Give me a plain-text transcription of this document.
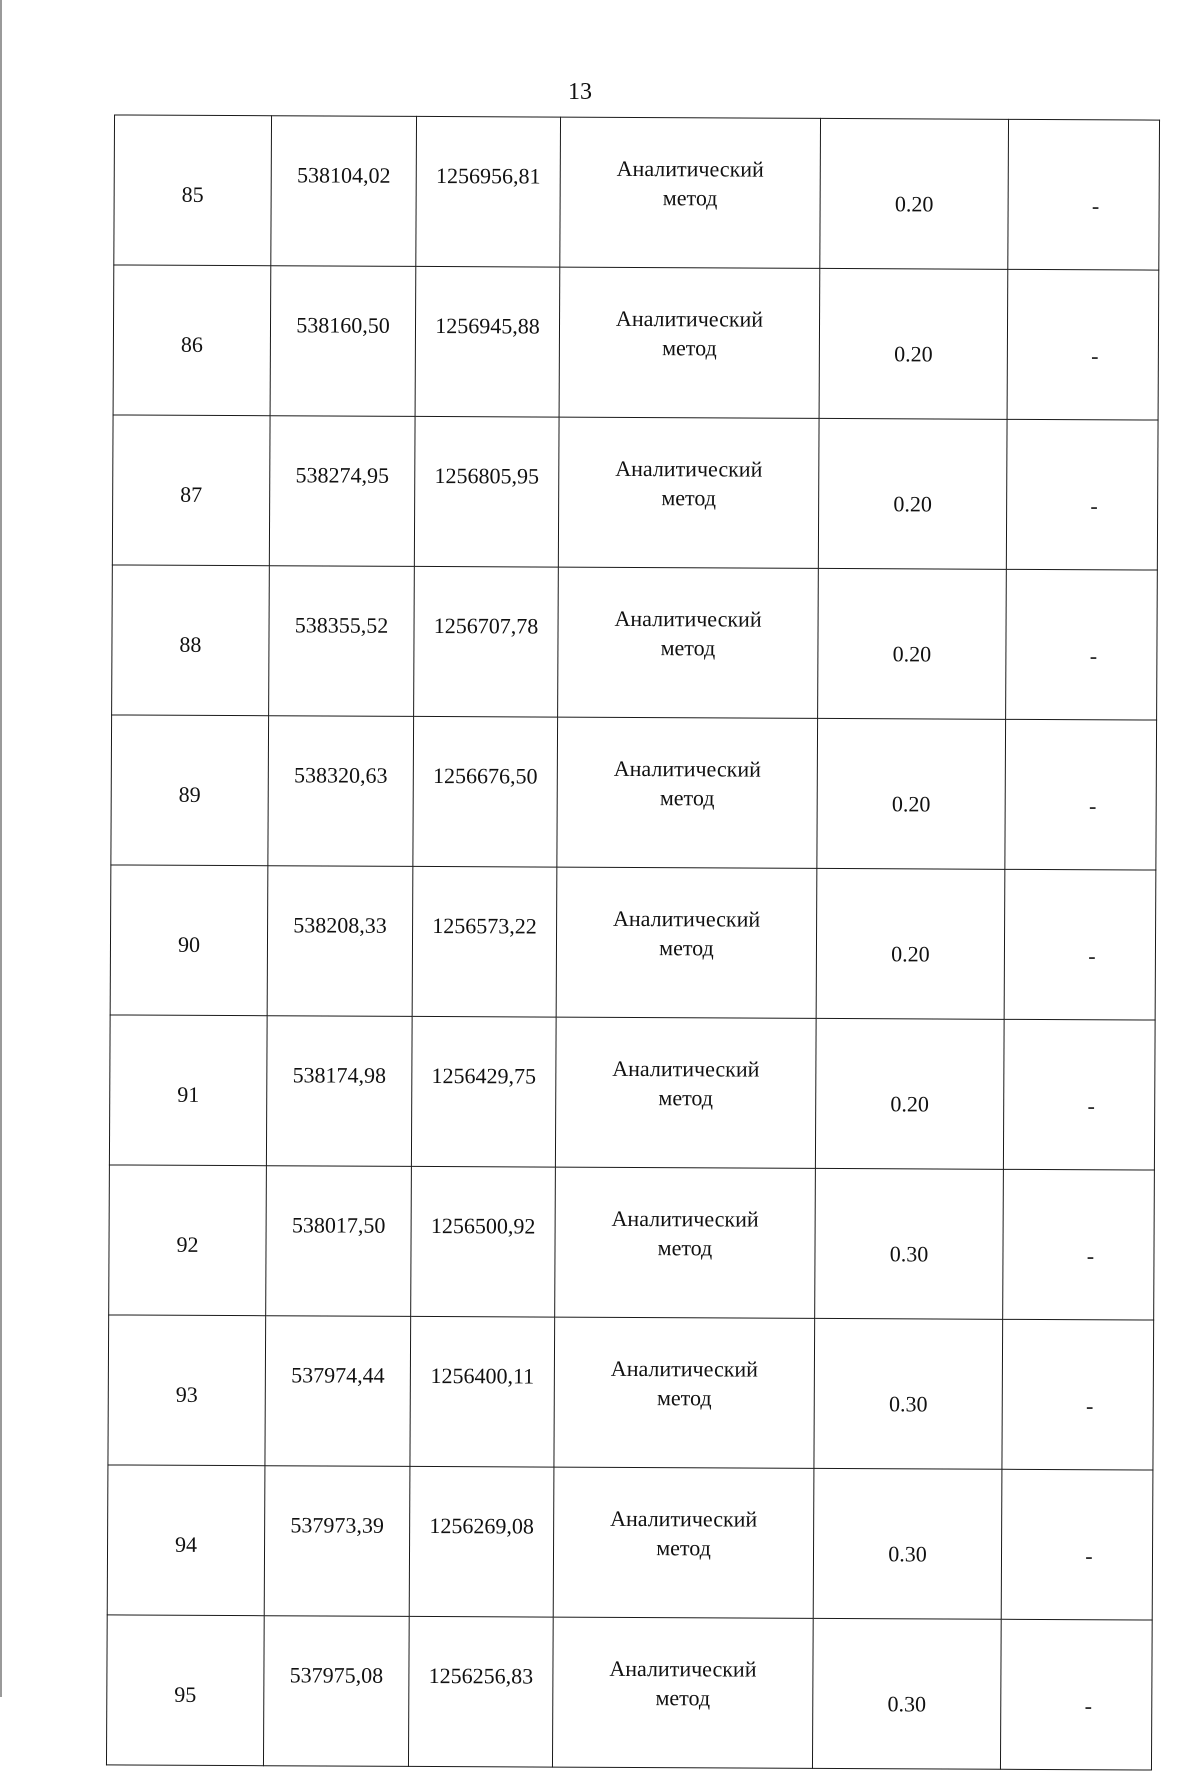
13
85	538104,02	1256956,81	Аналитический
метод	0.20	-
86	538160,50	1256945,88	Аналитический
метод	0.20	-
87	538274,95	1256805,95	Аналитический
метод	0.20	-
88	538355,52	1256707,78	Аналитический
метод	0.20	-
89	538320,63	1256676,50	Аналитический
метод	0.20	-
90	538208,33	1256573,22	Аналитический
метод	0.20	-
91	538174,98	1256429,75	Аналитический
метод	0.20	-
92	538017,50	1256500,92	Аналитический
метод	0.30	-
93	537974,44	1256400,11	Аналитический
метод	0.30	-
94	537973,39	1256269,08	Аналитический
метод	0.30	-
95	537975,08	1256256,83	Аналитический
метод	0.30	-
